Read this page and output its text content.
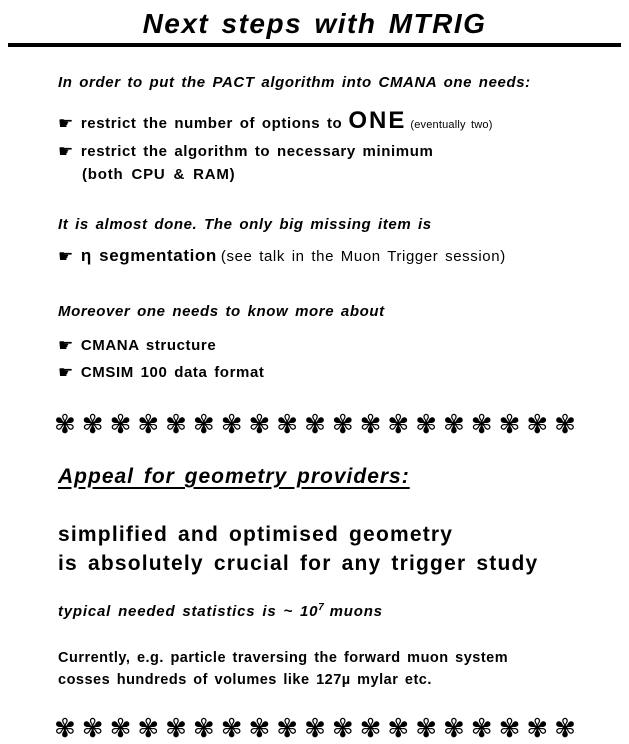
Next steps with MTRIG

In order to put the PACT algorithm into CMANA one needs:

☛ restrict the number of options to ONE (eventually two)
☛ restrict the algorithm to necessary minimum
(both CPU & RAM)

It is almost done. The only big missing item is

☛ η segmentation (see talk in the Muon Trigger session)

Moreover one needs to know more about

☛ CMANA structure
☛ CMSIM 100 data format
✾✾✾✾✾✾✾✾✾✾✾✾✾✾✾✾✾✾✾
Appeal for geometry providers:

simplified and optimised geometry
is absolutely crucial for any trigger study

typical needed statistics is ~ $10^7$ muons

Currently, e.g. particle traversing the forward muon system
cosses hundreds of volumes like 127µ mylar etc.

✾✾✾✾✾✾✾✾✾✾✾✾✾✾✾✾✾✾✾
